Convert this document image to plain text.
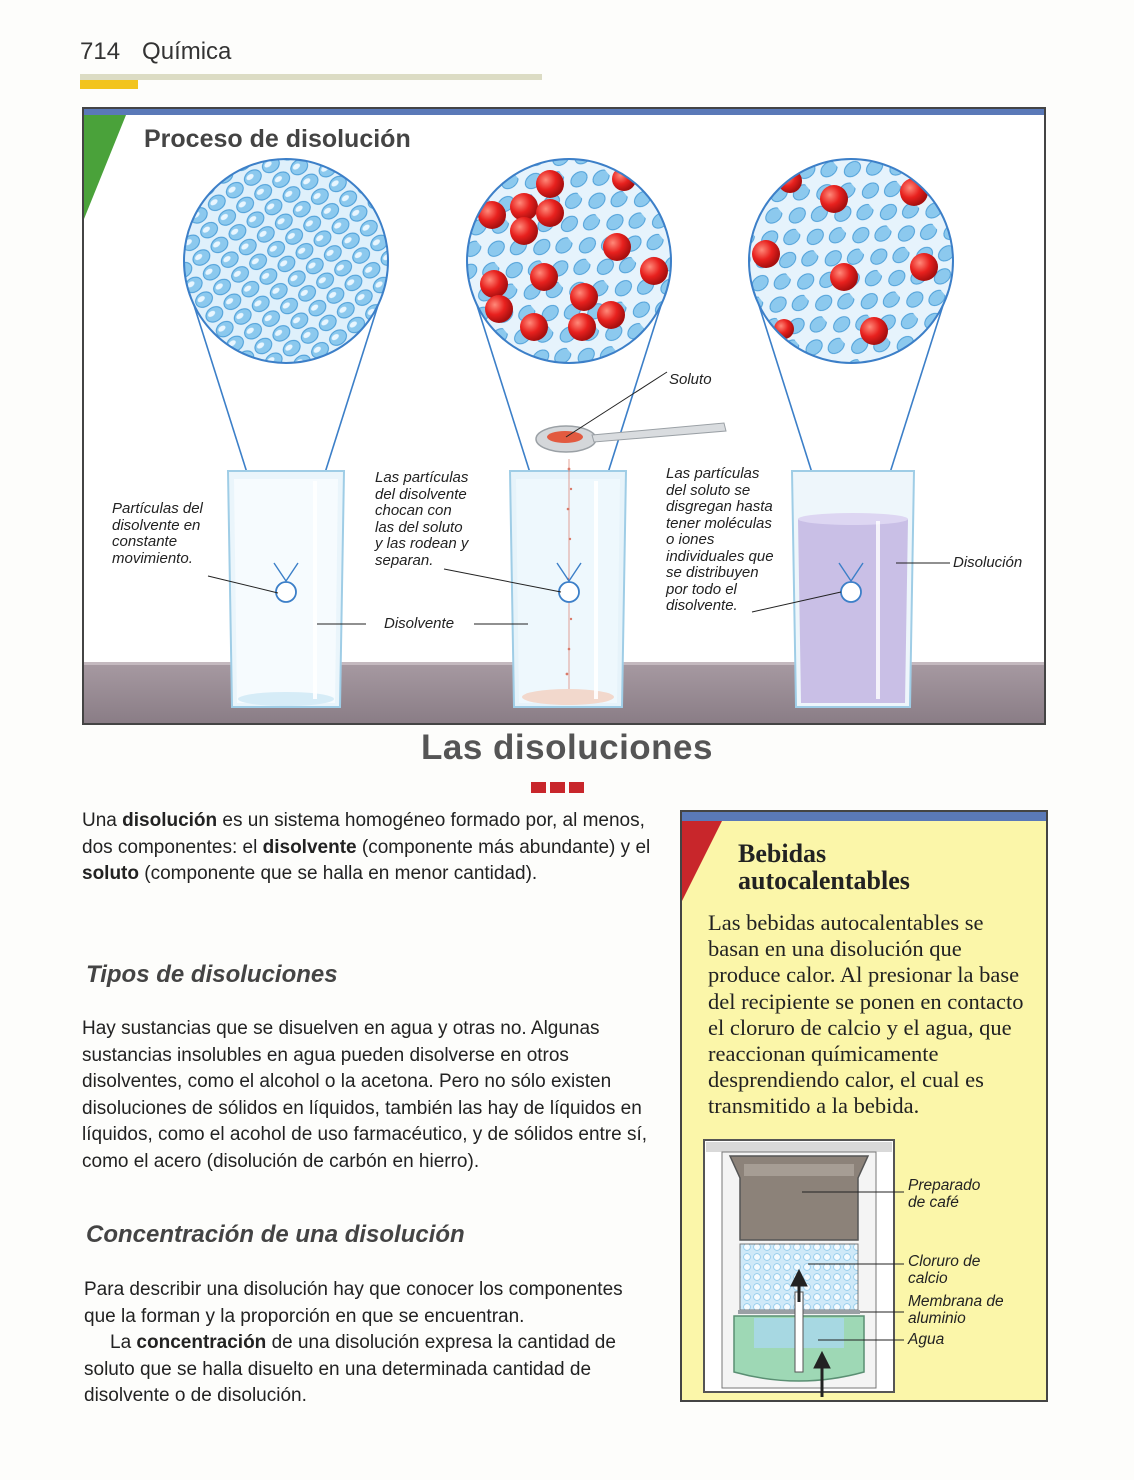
714 Química
Proceso de disolución
Partículas del
disolvente en
constante
movimiento.
Las partículas
del disolvente
chocan con
las del soluto
y las rodean y
separan.
Las partículas
del soluto se
disgregan hasta
tener moléculas
o iones
individuales que
se distribuyen
por todo el
disolvente.
Soluto
Disolvente
Disolución
Las disoluciones
Una disolución es un sistema homogéneo formado por, al menos, dos componentes: el disolvente (componente más abundante) y el soluto (componente que se halla en menor cantidad).
Tipos de disoluciones
Hay sustancias que se disuelven en agua y otras no. Algunas sustancias insolubles en agua pueden disolverse en otros disolventes, como el alcohol o la acetona. Pero no sólo existen disoluciones de sólidos en líquidos, también las hay de líquidos en líquidos, como el acohol de uso farmacéutico, y de sólidos entre sí, como el acero (disolución de carbón en hierro).
Concentración de una disolución
Para describir una disolución hay que conocer los componentes que la forman y la proporción en que se encuentran.
La concentración de una disolución expresa la cantidad de soluto que se halla disuelto en una determinada cantidad de disolvente o de disolución.
Bebidas
autocalentables
Las bebidas autocalentables se basan en una disolución que produce calor. Al presionar la base del recipiente se ponen en contacto el cloruro de calcio y el agua, que reaccionan químicamente desprendiendo calor, el cual es transmitido a la bebida.
Preparado
de café
Cloruro de
calcio
Membrana de
aluminio
Agua
